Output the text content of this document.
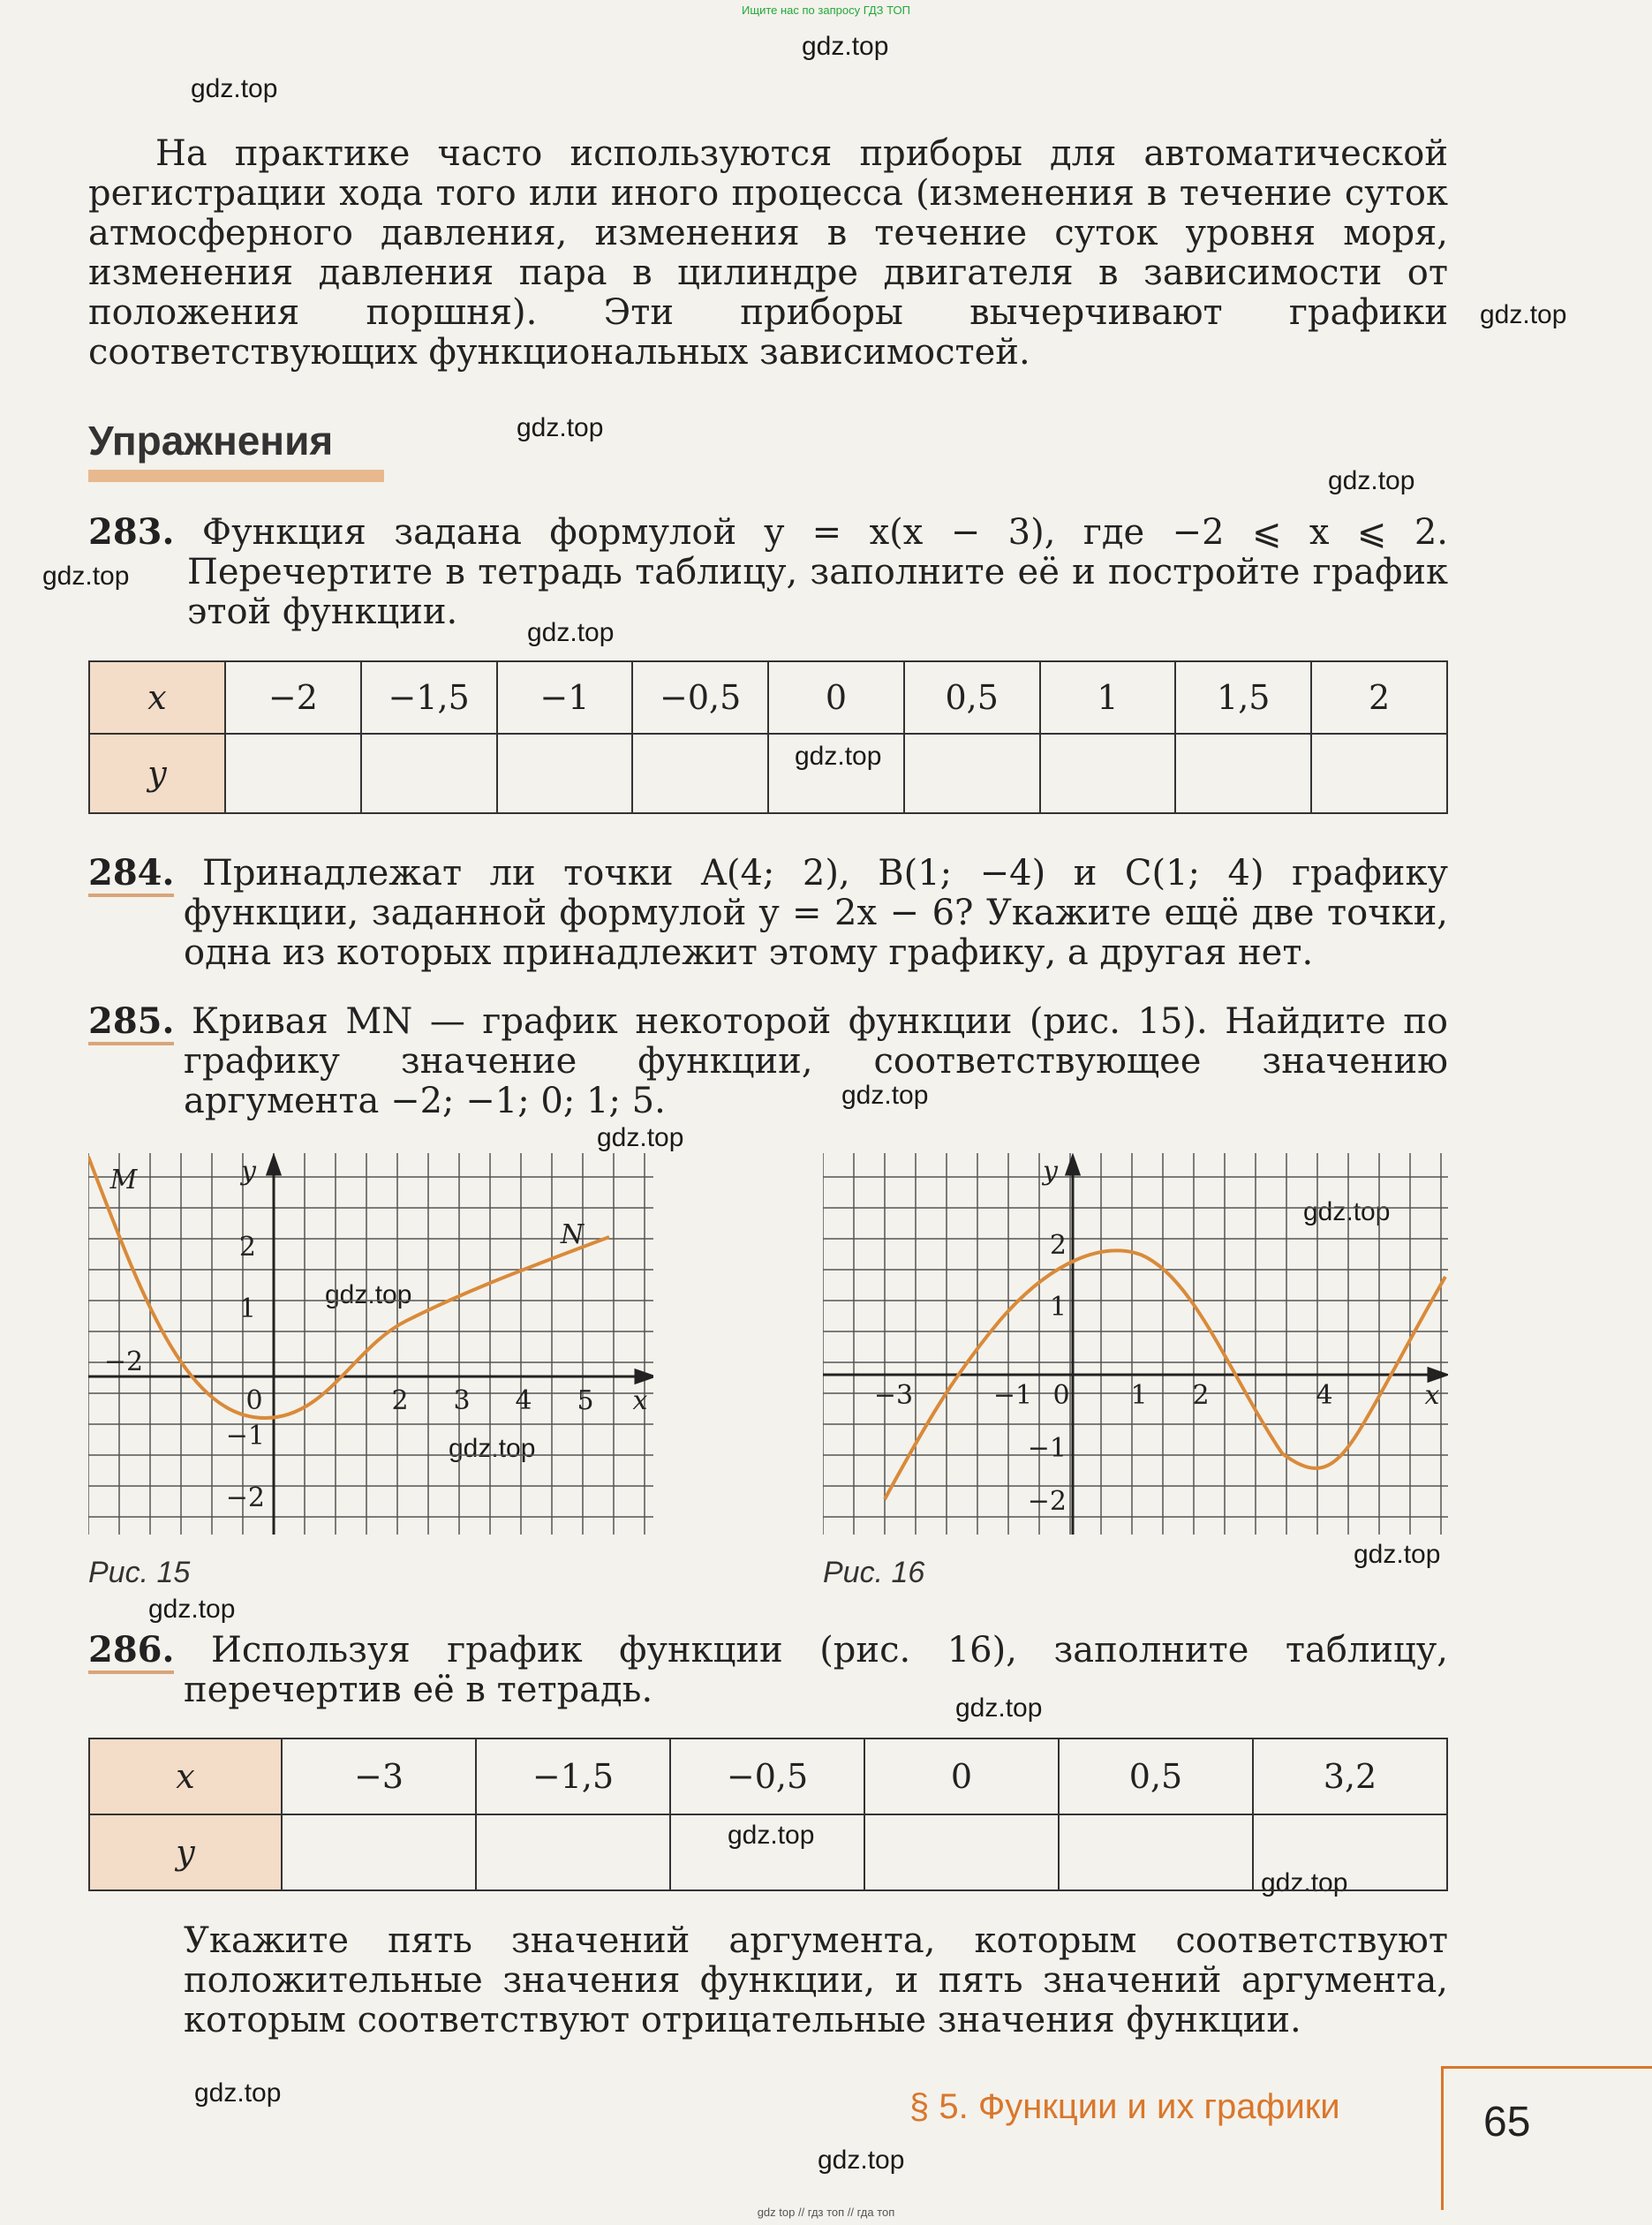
Ищите нас по запросу ГДЗ ТОП
gdz.top
gdz.top
gdz.top
gdz.top
gdz.top
gdz.top
gdz.top
gdz.top
gdz.top
gdz.top
gdz.top
gdz.top
gdz.top
gdz.top
gdz.top
gdz.top
gdz.top
gdz.top
gdz.top
gdz.top
На практике часто используются приборы для автоматической регистрации хода того или иного процесса (изменения в течение суток атмосферного давления, изменения в течение суток уровня моря, изменения давления пара в цилиндре двигателя в зависимости от положения поршня). Эти приборы вычерчивают графики соответствующих функциональных зависимостей.
Упражнения
283. Функция задана формулой y = x(x − 3), где −2 ⩽ x ⩽ 2. Перечертите в тетрадь таблицу, заполните её и постройте график этой функции.
x	−2	−1,5	−1	−0,5	0	0,5	1	1,5	2
y									
284. Принадлежат ли точки A(4; 2), B(1; −4) и C(1; 4) графику функции, заданной формулой y = 2x − 6? Укажите ещё две точки, одна из которых принадлежит этому графику, а другая нет.
285. Кривая MN — график некоторой функции (рис. 15). Найдите по графику значение функции, соответствующее значению аргумента −2; −1; 0; 1; 5.
−2
0	2 3 4 5 x
2
1
−1
−2
y
M
N
Рис. 15
−3	−1 0 1 2	4	x
2
1
−1
−2
y
Рис. 16
286. Используя график функции (рис. 16), заполните таблицу, перечертив её в тетрадь.
x	−3	−1,5	−0,5	0	0,5	3,2
y						
Укажите пять значений аргумента, которым соответствуют положительные значения функции, и пять значений аргумента, которым соответствуют отрицательные значения функции.
§ 5. Функции и их графики	65
gdz top // гдз топ // гда топ
